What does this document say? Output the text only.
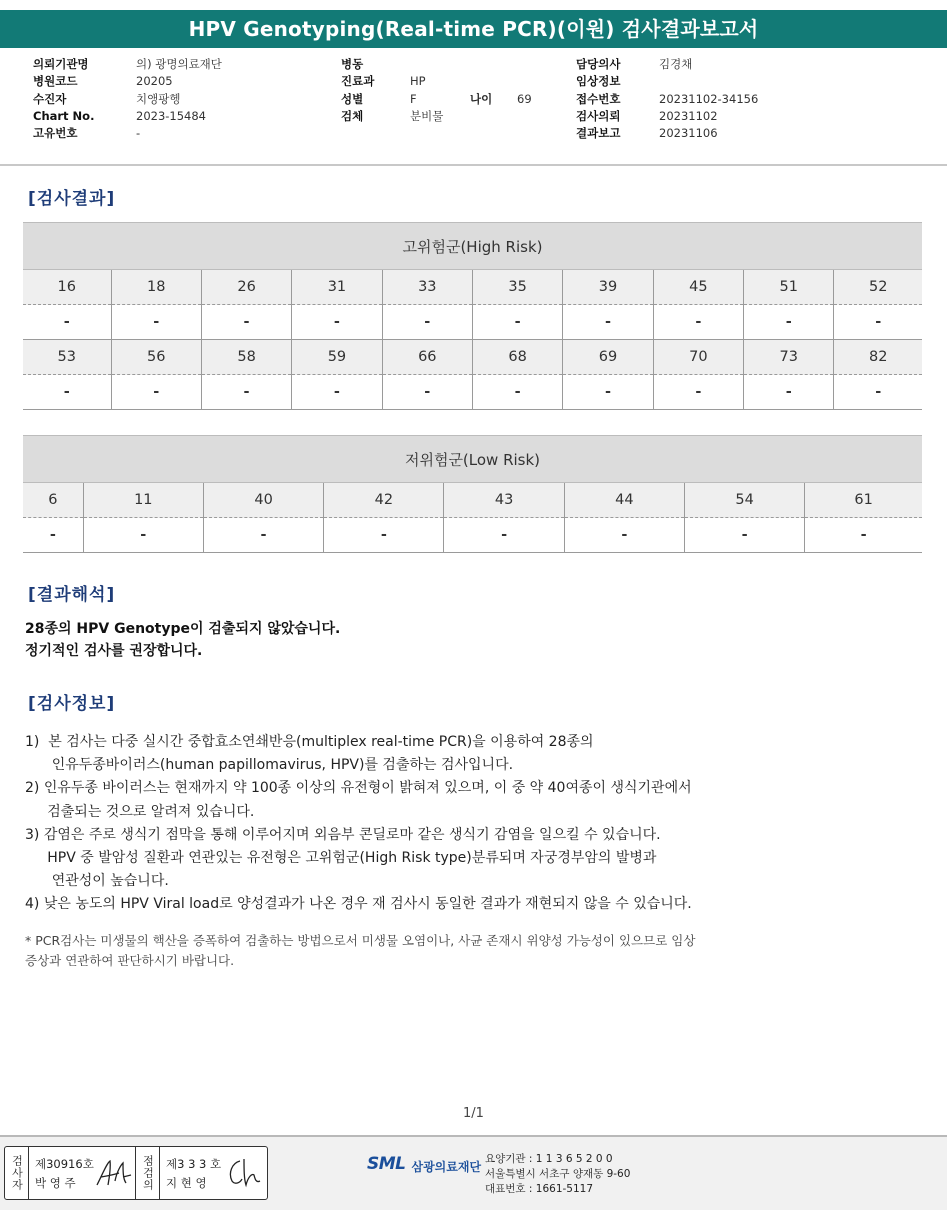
HPV Genotyping(Real-time PCR)(이원) 검사결과보고서
의뢰기관명	의) 광명의료재단
병원코드	20205
수진자	치앵팡헹
Chart No.	2023-15484
고유번호	-
병동
진료과	HP
성별	F	나이	69
검체	분비물
담당의사	김경채
임상정보
접수번호	20231102-34156
검사의뢰	20231102
결과보고	20231106
[검사결과]
고위험군(High Risk)									
16	18	26	31	33	35	39	45	51	52
-	-	-	-	-	-	-	-	-	-
53	56	58	59	66	68	69	70	73	82
-	-	-	-	-	-	-	-	-	-
저위험군(Low Risk)							
6	11	40	42	43	44	54	61
-	-	-	-	-	-	-	-
[결과해석]
28종의 HPV Genotype이 검출되지 않았습니다.
정기적인 검사를 권장합니다.
[검사정보]
1)  본 검사는 다중 실시간 중합효소연쇄반응(multiplex real-time PCR)을 이용하여 28종의
인유두종바이러스(human papillomavirus, HPV)를 검출하는 검사입니다.
2) 인유두종 바이러스는 현재까지 약 100종 이상의 유전형이 밝혀져 있으며, 이 중 약 40여종이 생식기관에서
검출되는 것으로 알려져 있습니다.
3) 감염은 주로 생식기 점막을 통해 이루어지며 외음부 콘딜로마 같은 생식기 감염을 일으킬 수 있습니다.
HPV 중 발암성 질환과 연관있는 유전형은 고위험군(High Risk type)분류되며 자궁경부암의 발병과
연관성이 높습니다.
4) 낮은 농도의 HPV Viral load로 양성결과가 나온 경우 재 검사시 동일한 결과가 재현되지 않을 수 있습니다.
* PCR검사는 미생물의 핵산을 증폭하여 검출하는 방법으로서 미생물 오염이나, 사균 존재시 위양성 가능성이 있으므로 임상
증상과 연관하여 판단하시기 바랍니다.
1/1
검사자	제30916호
박 영 주	점검의	제3 3 3 호
지 현 영
SML 삼광의료재단
요양기관 : 1 1 3 6 5 2 0 0
서울특별시 서초구 양재동 9-60
대표번호 : 1661-5117
